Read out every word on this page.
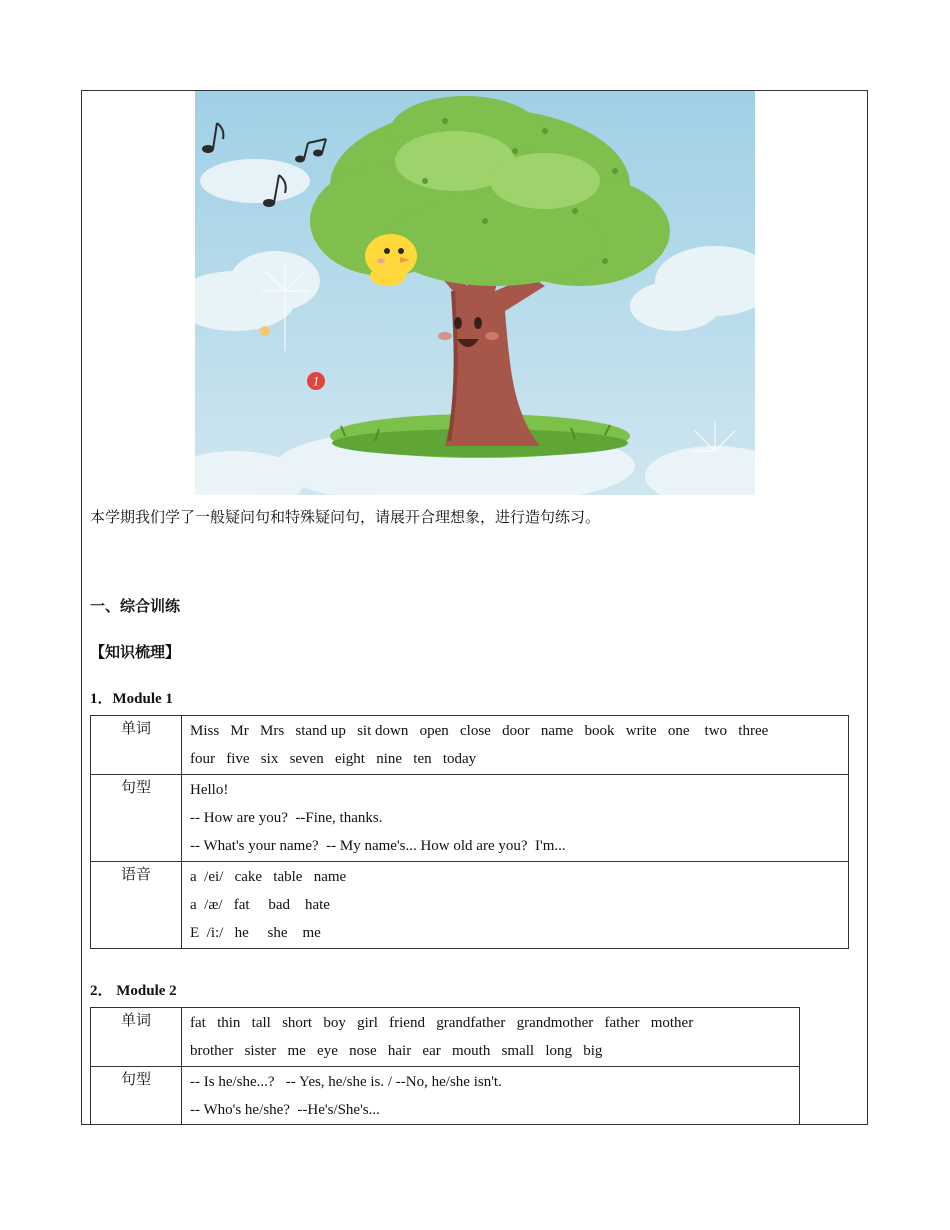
1
本学期我们学了一般疑问句和特殊疑问句，请展开合理想象，进行造句练习。
一、综合训练
【知识梳理】
1．Module 1
单词	Miss   Mr   Mrs   stand up   sit down   open   close   door   name   book   write   one    two   three
four   five   six   seven   eight   nine   ten   today

句型	Hello!
-- How are you?  --Fine, thanks.
-- What's your name?  -- My name's... How old are you?  I'm...

语音	a  /ei/   cake   table   name
a  /æ/   fat     bad    hate
E  /i:/   he     she    me
2． Module 2
单词	fat   thin   tall   short   boy   girl   friend   grandfather   grandmother   father   mother
brother   sister   me   eye   nose   hair   ear   mouth   small   long   big

句型	-- Is he/she...?   -- Yes, he/she is. / --No, he/she isn't.
-- Who's he/she?  --He's/She's...
